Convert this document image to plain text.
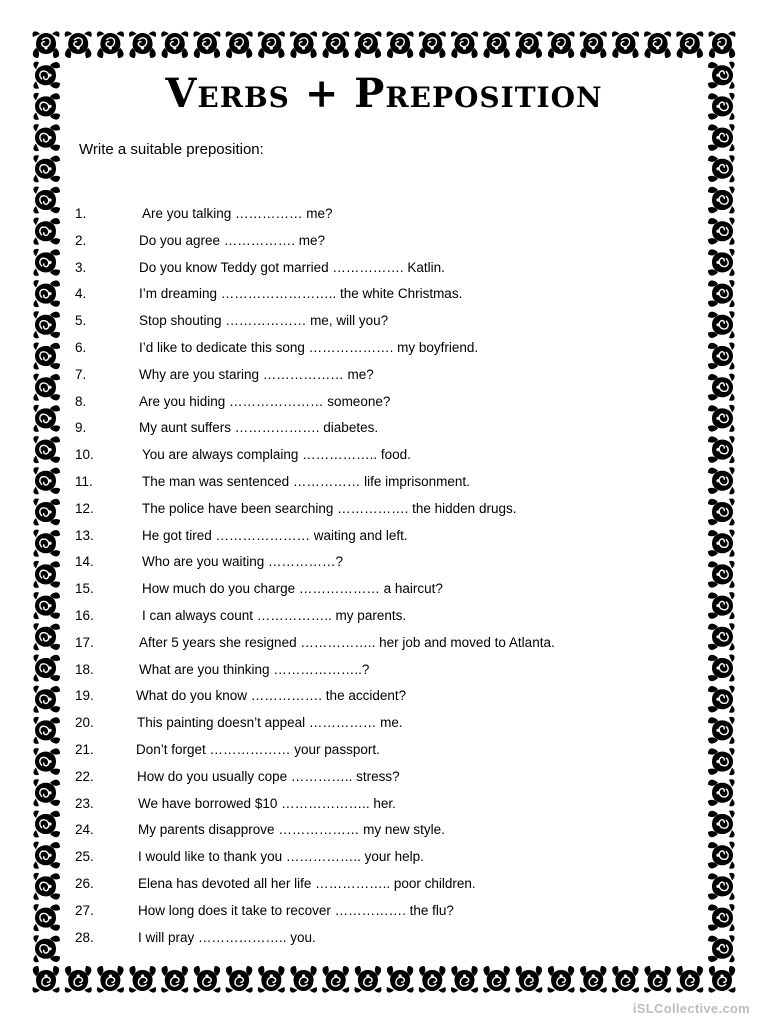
Verbs + Preposition
Write a suitable preposition:
1.	Are you talking …………… me?
2.	Do you agree ……………. me?
3.	Do you know Teddy got married ……………. Katlin.
4.	I’m dreaming …………………….. the white Christmas.
5.	Stop shouting ……………… me, will you?
6.	I’d like to dedicate this song ………………. my boyfriend.
7.	Why are you staring ……………… me?
8.	Are you hiding ………………… someone?
9.	My aunt suffers ………………. diabetes.
10.	You are always complaing …………….. food.
11.	The man was sentenced …………… life imprisonment.
12.	The police have been searching ……………. the hidden drugs.
13.	He got tired ………………… waiting and left.
14.	Who are you waiting ……………?
15.	How much do you charge ……………… a haircut?
16.	I can always count …………….. my parents.
17.	After 5 years she resigned …………….. her job and moved to Atlanta.
18.	What are you thinking ………………..?
19.	What do you know ……………. the accident?
20.	This painting doesn’t appeal …………… me.
21.	Don’t forget ……………… your passport.
22.	How do you usually cope ………….. stress?
23.	We have borrowed $10 ……………….. her.
24.	My parents disapprove ……………… my new style.
25.	I would like to thank you …………….. your help.
26.	Elena has devoted all her life …………….. poor children.
27.	How long does it take to recover ……………. the flu?
28.	I will pray ……………….. you.
iSLCollective.com
